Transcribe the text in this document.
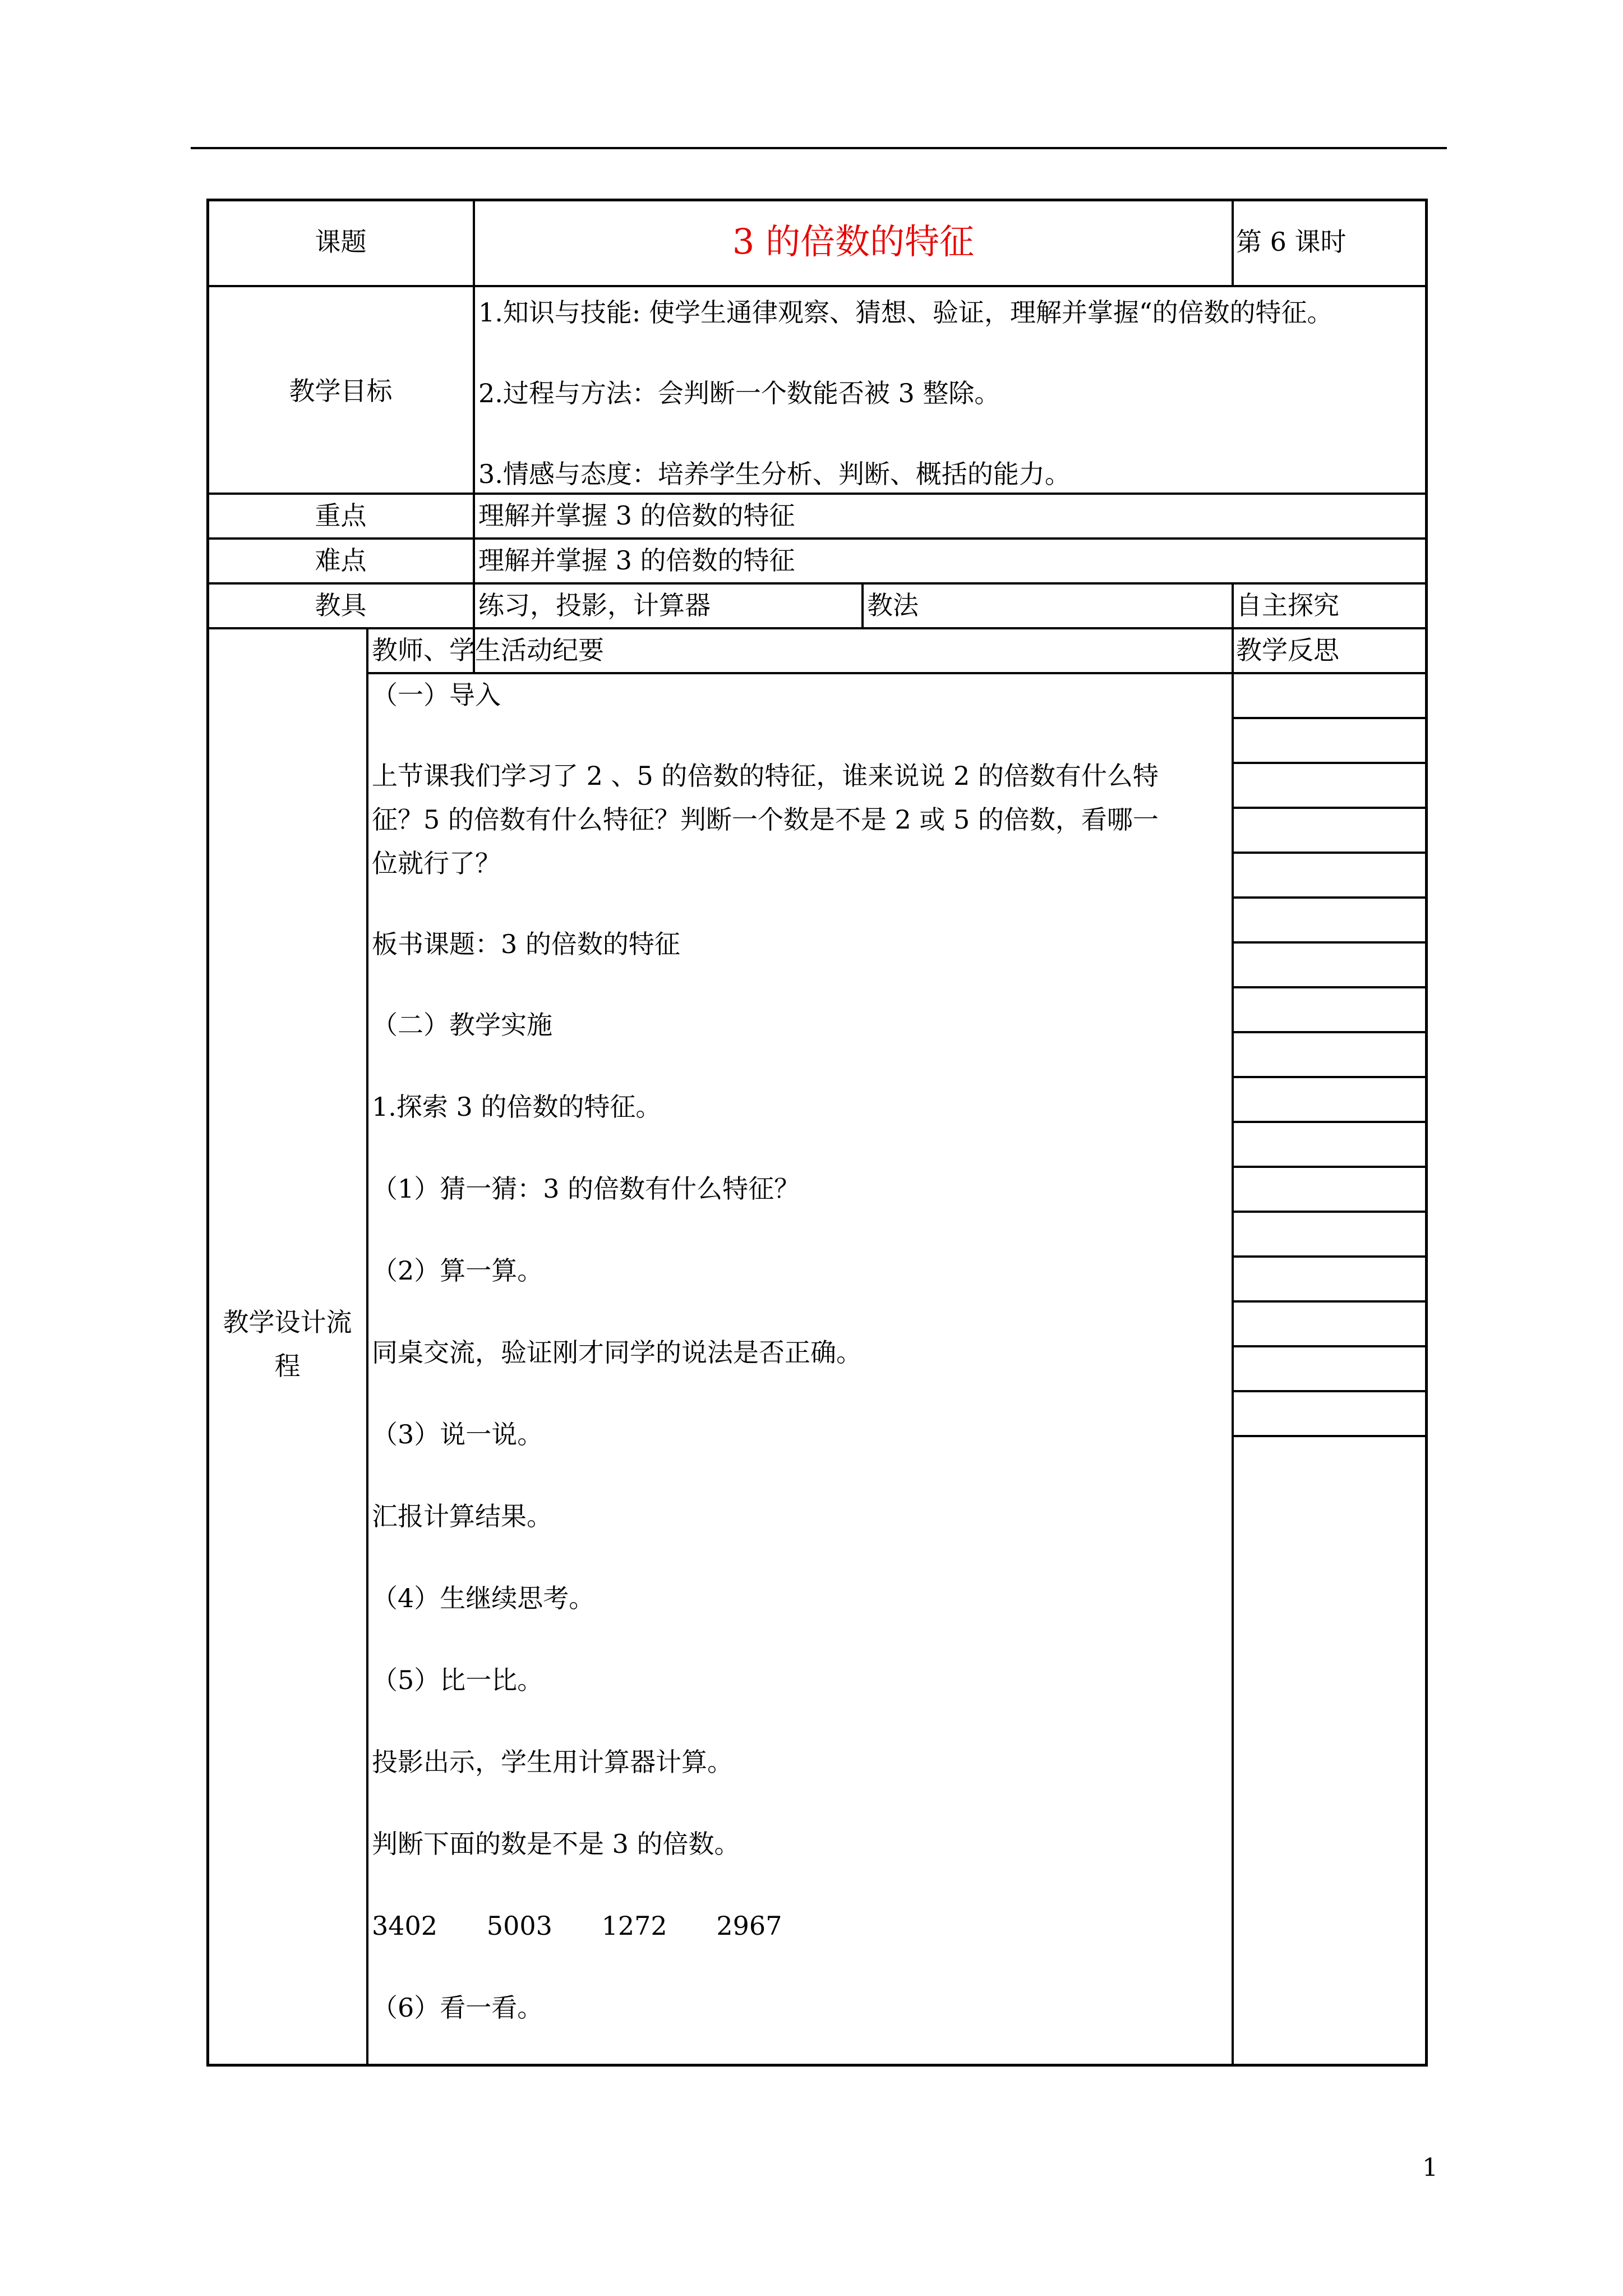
课题	3 的倍数的特征	第 6 课时
教学目标
1.知识与技能: 使学生通律观察、猜想、验证，理解并掌握“的倍数的特征。
2.过程与方法：会判断一个数能否被 3 整除。
3.情感与态度：培养学生分析、判断、概括的能力。
重点	理解并掌握 3 的倍数的特征
难点	理解并掌握 3 的倍数的特征
教具	练习，投影，计算器	教法	自主探究
教学设计流
程
教师、学生活动纪要	教学反思
（一）导入
上节课我们学习了 2 、5 的倍数的特征，谁来说说 2 的倍数有什么特
征？5 的倍数有什么特征？判断一个数是不是 2 或 5 的倍数，看哪一
位就行了？
板书课题：3 的倍数的特征
（二）教学实施
1.探索 3 的倍数的特征。
（1）猜一猜：3 的倍数有什么特征？
（2）算一算。
同桌交流，验证刚才同学的说法是否正确。
（3）说一说。
汇报计算结果。
（4）生继续思考。
（5）比一比。
投影出示，学生用计算器计算。
判断下面的数是不是 3 的倍数。
3402      5003      1272      2967
（6）看一看。
1
